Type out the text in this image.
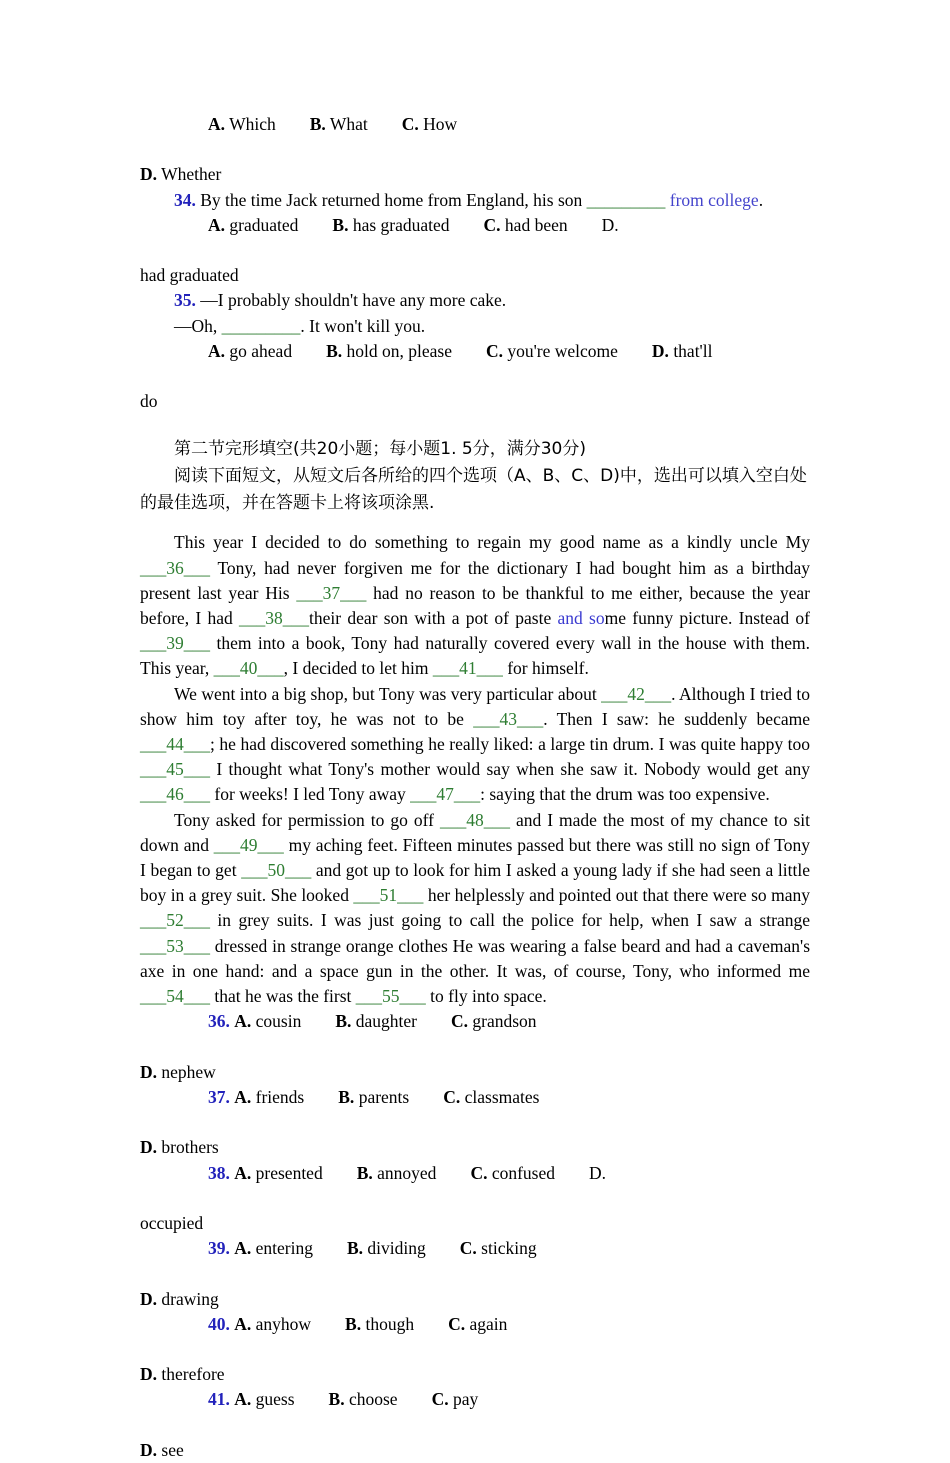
A. Which B. What C. How
D. Whether
34. By the time Jack returned home from England, his son _________ from college.
A. graduated B. has graduated C. had been D.
had graduated
35. —I probably shouldn't have any more cake.
—Oh, _________. It won't kill you.
A. go ahead B. hold on, please C. you're welcome D. that'll
do
第二节完形填空(共20小题；每小题1. 5分，满分30分)
阅读下面短文，从短文后各所给的四个选项（A、B、C、D)中，选出可以填入空白处
的最佳选项，并在答题卡上将该项涂黑.

This year I decided to do something to regain my good name as a kindly uncle My ___36___ Tony, had never forgiven me for the dictionary I had bought him as a birthday present last year His ___37___ had no reason to be thankful to me either, because the year before, I had ___38___their dear son with a pot of paste and some funny picture. Instead of ___39___ them into a book, Tony had naturally covered every wall in the house with them. This year, ___40___, I decided to let him ___41___ for himself.

We went into a big shop, but Tony was very particular about ___42___. Although I tried to show him toy after toy, he was not to be ___43___. Then I saw: he suddenly became ___44___; he had discovered something he really liked: a large tin drum. I was quite happy too ___45___ I thought what Tony's mother would say when she saw it. Nobody would get any ___46___ for weeks! I led Tony away ___47___: saying that the drum was too expensive.

Tony asked for permission to go off ___48___ and I made the most of my chance to sit down and ___49___ my aching feet. Fifteen minutes passed but there was still no sign of Tony I began to get ___50___ and got up to look for him I asked a young lady if she had seen a little boy in a grey suit. She looked ___51___ her helplessly and pointed out that there were so many ___52___ in grey suits. I was just going to call the police for help, when I saw a strange ___53___ dressed in strange orange clothes He was wearing a false beard and had a caveman's axe in one hand: and a space gun in the other. It was, of course, Tony, who informed me ___54___ that he was the first ___55___ to fly into space.

36. A. cousin B. daughter C. grandson
D. nephew
37. A. friends B. parents C. classmates
D. brothers
38. A. presented B. annoyed C. confused D.
occupied
39. A. entering B. dividing C. sticking
D. drawing
40. A. anyhow B. though C. again
D. therefore
41. A. guess B. choose C. pay
D. see
